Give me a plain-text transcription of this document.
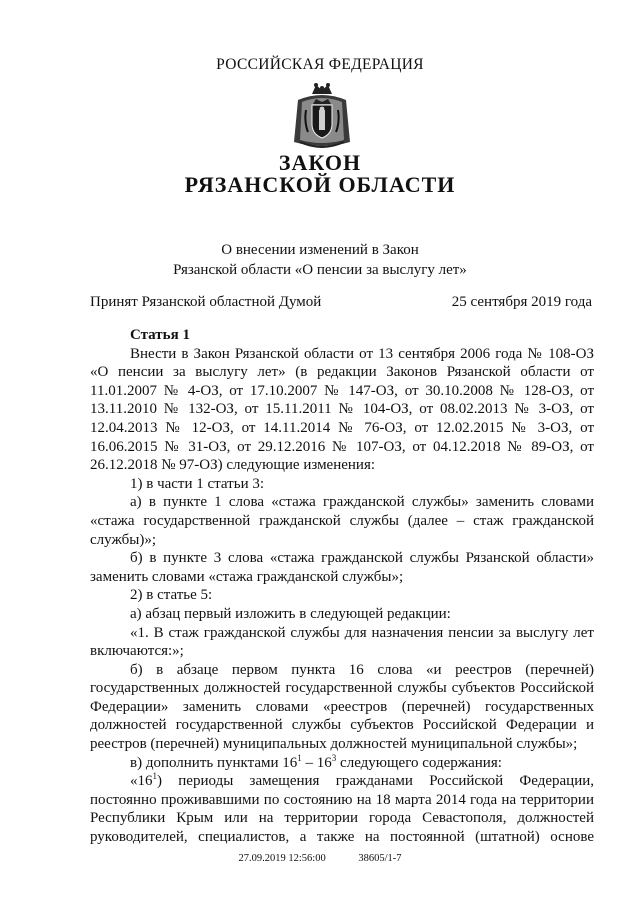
РОССИЙСКАЯ ФЕДЕРАЦИЯ
ЗАКОН
РЯЗАНСКОЙ ОБЛАСТИ
О внесении изменений в Закон
Рязанской области «О пенсии за выслугу лет»
Принят Рязанской областной Думой	25 сентября 2019 года

Статья 1

Внести в Закон Рязанской области от 13 сентября 2006 года № 108-ОЗ «О пенсии за выслугу лет» (в редакции Законов Рязанской области от 11.01.2007 № 4-ОЗ, от 17.10.2007 № 147-ОЗ, от 30.10.2008 № 128-ОЗ, от 13.11.2010 № 132-ОЗ, от 15.11.2011 № 104-ОЗ, от 08.02.2013 № 3-ОЗ, от 12.04.2013 № 12-ОЗ, от 14.11.2014 № 76-ОЗ, от 12.02.2015 № 3-ОЗ, от 16.06.2015 № 31-ОЗ, от 29.12.2016 № 107-ОЗ, от 04.12.2018 № 89-ОЗ, от 26.12.2018 № 97-ОЗ) следующие изменения:

1) в части 1 статьи 3:

а) в пункте 1 слова «стажа гражданской службы» заменить словами «стажа государственной гражданской службы (далее – стаж гражданской службы)»;

б) в пункте 3 слова «стажа гражданской службы Рязанской области» заменить словами «стажа гражданской службы»;

2) в статье 5:

а) абзац первый изложить в следующей редакции:

«1. В стаж гражданской службы для назначения пенсии за выслугу лет включаются:»;

б) в абзаце первом пункта 16 слова «и реестров (перечней) государственных должностей государственной службы субъектов Российской Федерации» заменить словами «реестров (перечней) государственных должностей государственной службы субъектов Российской Федерации и реестров (перечней) муниципальных должностей муниципальной службы»;

в) дополнить пунктами $16^1 - 16^3$ следующего содержания:

«$16^1$) периоды замещения гражданами Российской Федерации, постоянно проживавшими по состоянию на 18 марта 2014 года на территории Республики Крым или на территории города Севастополя, должностей руководителей, специалистов, а также на постоянной (штатной) основе

27.09.2019 12:56:00	38605/1-7
